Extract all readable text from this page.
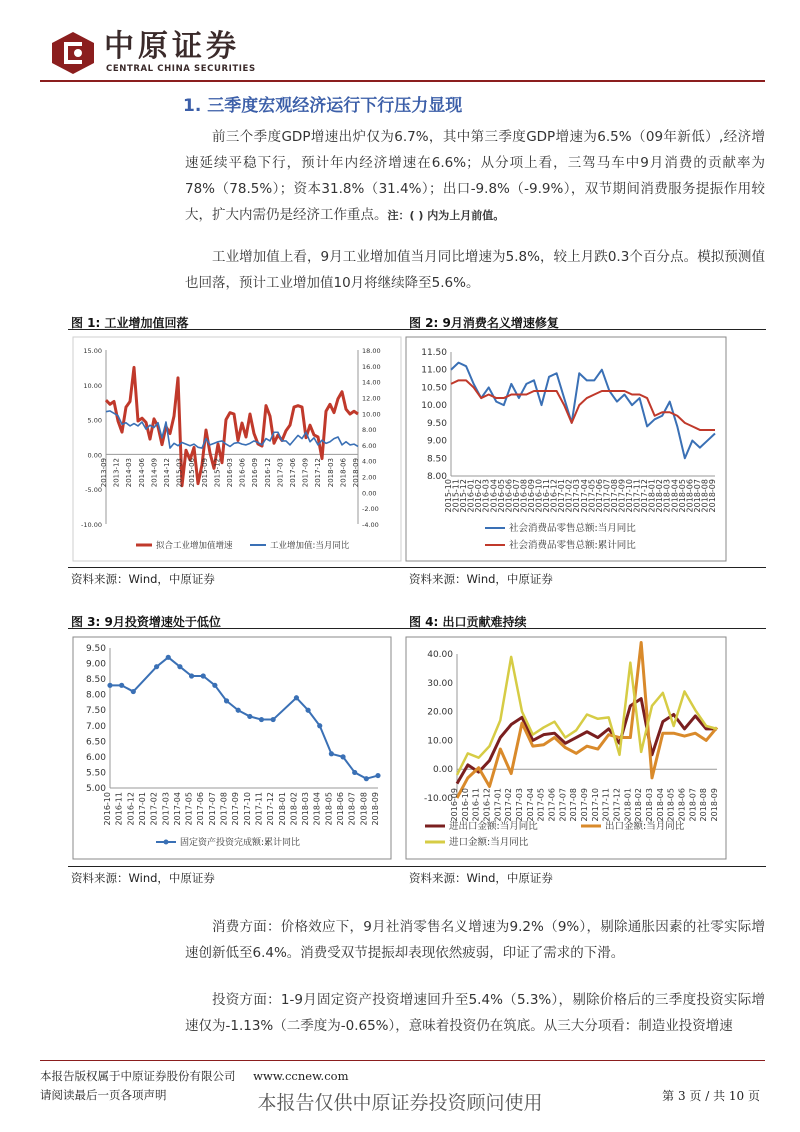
中原证券
CENTRAL CHINA SECURITIES
1. 三季度宏观经济运行下行压力显现

前三个季度GDP增速出炉仅为6.7%，其中第三季度GDP增速为6.5%（09年新低）,经济增速延续平稳下行，预计年内经济增速在6.6%；从分项上看，三驾马车中9月消费的贡献率为78%（78.5%）；资本31.8%（31.4%）；出口-9.8%（-9.9%），双节期间消费服务提振作用较大，扩大内需仍是经济工作重点。注：( ) 内为上月前值。

工业增加值上看，9月工业增加值当月同比增速为5.8%，较上月跌0.3个百分点。模拟预测值也回落，预计工业增加值10月将继续降至5.6%。

图 1: 工业增加值回落	图 2: 9月消费名义增速修复
15.00
10.00
5.00
0.00
-5.00
-10.00
18.00
16.00
14.00
12.00
10.00
8.00
6.00
4.00
2.00
0.00
-2.00
-4.00
2013-09 2013-12 2014-03 2014-06 2014-09 2014-12 2015-03 2015-06 2015-09 2015-12 2016-03 2016-06 2016-09 2016-12 2017-03 2017-06 2017-09 2017-12 2018-03 2018-06 2018-09
拟合工业增加值增速	工业增加值:当月同比
11.50
11.00
10.50
10.00
9.50
9.00
8.50
8.00
2015-10
2015-11
2015-12
2016-01
2016-02
2016-03
2016-04
2016-05
2016-06
2016-07
2016-08
2016-09
2016-10
2016-11
2016-12
2017-01
2017-02
2017-03
2017-04
2017-05
2017-06
2017-07
2017-08
2017-09
2017-10
2017-11
2017-12
2018-01
2018-02
2018-03
2018-04
2018-05
2018-06
2018-07
2018-08
2018-09
社会消费品零售总额:当月同比
社会消费品零售总额:累计同比
资料来源：Wind，中原证券	资料来源：Wind，中原证券
图 3: 9月投资增速处于低位	图 4: 出口贡献难持续
9.50
9.00
8.50
8.00
7.50
7.00
6.50
6.00
5.50
5.00
2016-10 2016-11 2016-12 2017-01 2017-02 2017-03 2017-04 2017-05 2017-06 2017-07 2017-08 2017-09 2017-10 2017-11 2017-12 2018-01 2018-02 2018-03 2018-04 2018-05 2018-06 2018-07 2018-08 2018-09
固定资产投资完成额:累计同比
40.00
30.00
20.00
10.00
0.00
-10.00
2016-09 2016-10 2016-11 2016-12 2017-01 2017-02 2017-03 2017-04 2017-05 2017-06 2017-07 2017-08 2017-09 2017-10 2017-11 2017-12 2018-01 2018-02 2018-03 2018-04 2018-05 2018-06 2018-07 2018-08 2018-09
进出口金额:当月同比	出口金额:当月同比
进口金额:当月同比
资料来源：Wind，中原证券	资料来源：Wind，中原证券

消费方面：价格效应下，9月社消零售名义增速为9.2%（9%），剔除通胀因素的社零实际增速创新低至6.4%。消费受双节提振却表现依然疲弱，印证了需求的下滑。

投资方面：1-9月固定资产投资增速回升至5.4%（5.3%），剔除价格后的三季度投资实际增速仅为-1.13%（二季度为-0.65%），意味着投资仍在筑底。从三大分项看：制造业投资增速

本报告版权属于中原证券股份有限公司 www.ccnew.com
请阅读最后一页各项声明	本报告仅供中原证券投资顾问使用	第 3 页 / 共 10 页
